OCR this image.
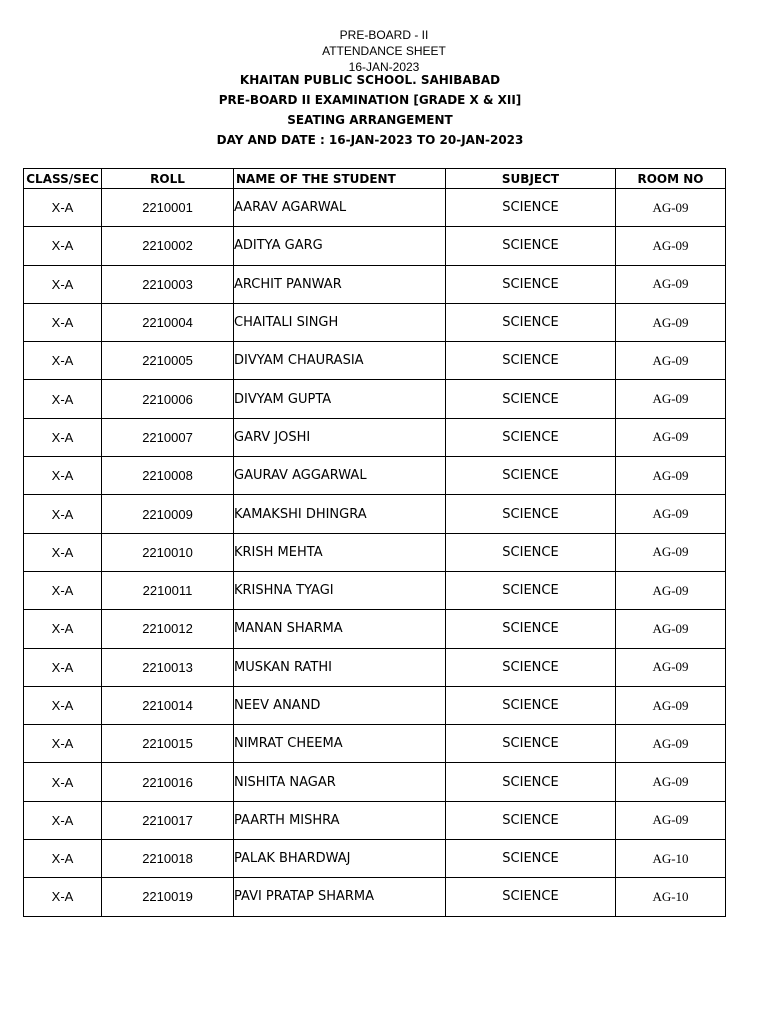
PRE-BOARD - II
ATTENDANCE SHEET
16-JAN-2023
KHAITAN PUBLIC SCHOOL. SAHIBABAD
PRE-BOARD II EXAMINATION [GRADE X & XII]
SEATING ARRANGEMENT
DAY AND DATE : 16-JAN-2023 TO 20-JAN-2023
CLASS/SEC	ROLL	NAME OF THE STUDENT	SUBJECT	ROOM NO
X-A	2210001	AARAV AGARWAL	SCIENCE	AG-09
X-A	2210002	ADITYA GARG	SCIENCE	AG-09
X-A	2210003	ARCHIT PANWAR	SCIENCE	AG-09
X-A	2210004	CHAITALI SINGH	SCIENCE	AG-09
X-A	2210005	DIVYAM CHAURASIA	SCIENCE	AG-09
X-A	2210006	DIVYAM GUPTA	SCIENCE	AG-09
X-A	2210007	GARV JOSHI	SCIENCE	AG-09
X-A	2210008	GAURAV AGGARWAL	SCIENCE	AG-09
X-A	2210009	KAMAKSHI DHINGRA	SCIENCE	AG-09
X-A	2210010	KRISH MEHTA	SCIENCE	AG-09
X-A	2210011	KRISHNA TYAGI	SCIENCE	AG-09
X-A	2210012	MANAN SHARMA	SCIENCE	AG-09
X-A	2210013	MUSKAN RATHI	SCIENCE	AG-09
X-A	2210014	NEEV ANAND	SCIENCE	AG-09
X-A	2210015	NIMRAT CHEEMA	SCIENCE	AG-09
X-A	2210016	NISHITA NAGAR	SCIENCE	AG-09
X-A	2210017	PAARTH MISHRA	SCIENCE	AG-09
X-A	2210018	PALAK BHARDWAJ	SCIENCE	AG-10
X-A	2210019	PAVI PRATAP SHARMA	SCIENCE	AG-10
